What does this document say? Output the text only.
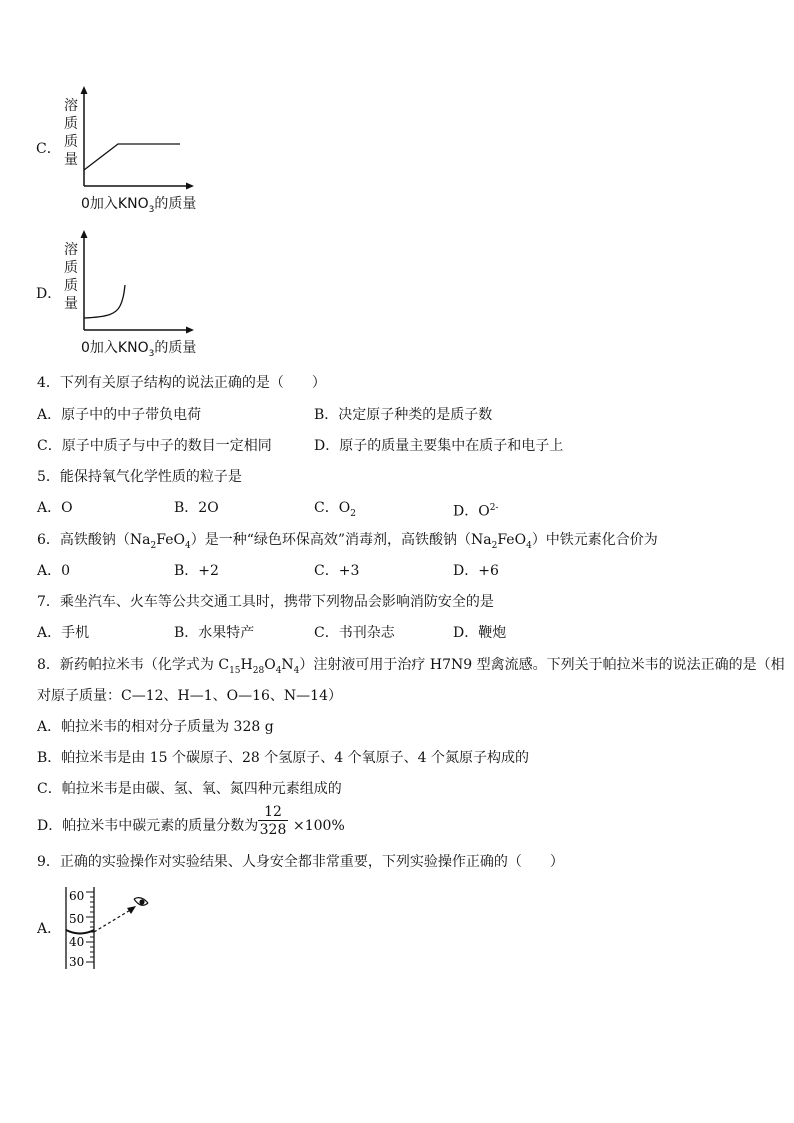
C．
溶
质
质
量
0加入$KNO_3$的质量
D．
溶
质
质
量
0加入$KNO_3$的质量
4．下列有关原子结构的说法正确的是（　　）
A．原子中的中子带负电荷	B．决定原子种类的是质子数
C．原子中质子与中子的数目一定相同	D．原子的质量主要集中在质子和电子上
5．能保持氧气化学性质的粒子是
A．O	B．2O	C．$O_2$	D．$O^{2-}$
6．高铁酸钠$(Na_2FeO_4)$是一种“绿色环保高效”消毒剂，高铁酸钠$(Na_2FeO_4)$中铁元素化合价为
A．0	B．+2	C．+3	D．+6
7．乘坐汽车、火车等公共交通工具时，携带下列物品会影响消防安全的是
A．手机	B．水果特产	C．书刊杂志	D．鞭炮
8．新药帕拉米韦（化学式为 $C_{15}H_{28}O_4N_4$）注射液可用于治疗 H7N9 型禽流感。下列关于帕拉米韦的说法正确的是（相
对原子质量：C—12、H—1、O—16、N—14）
A．帕拉米韦的相对分子质量为 328 g
B．帕拉米韦是由 15 个碳原子、28 个氢原子、4 个氧原子、4 个氮原子构成的
C．帕拉米韦是由碳、氢、氧、氮四种元素组成的
D．帕拉米韦中碳元素的质量分数为 $\frac{12}{328} \times 100\%$
9．正确的实验操作对实验结果、人身安全都非常重要，下列实验操作正确的（　　）
A．
60
50
40
30
